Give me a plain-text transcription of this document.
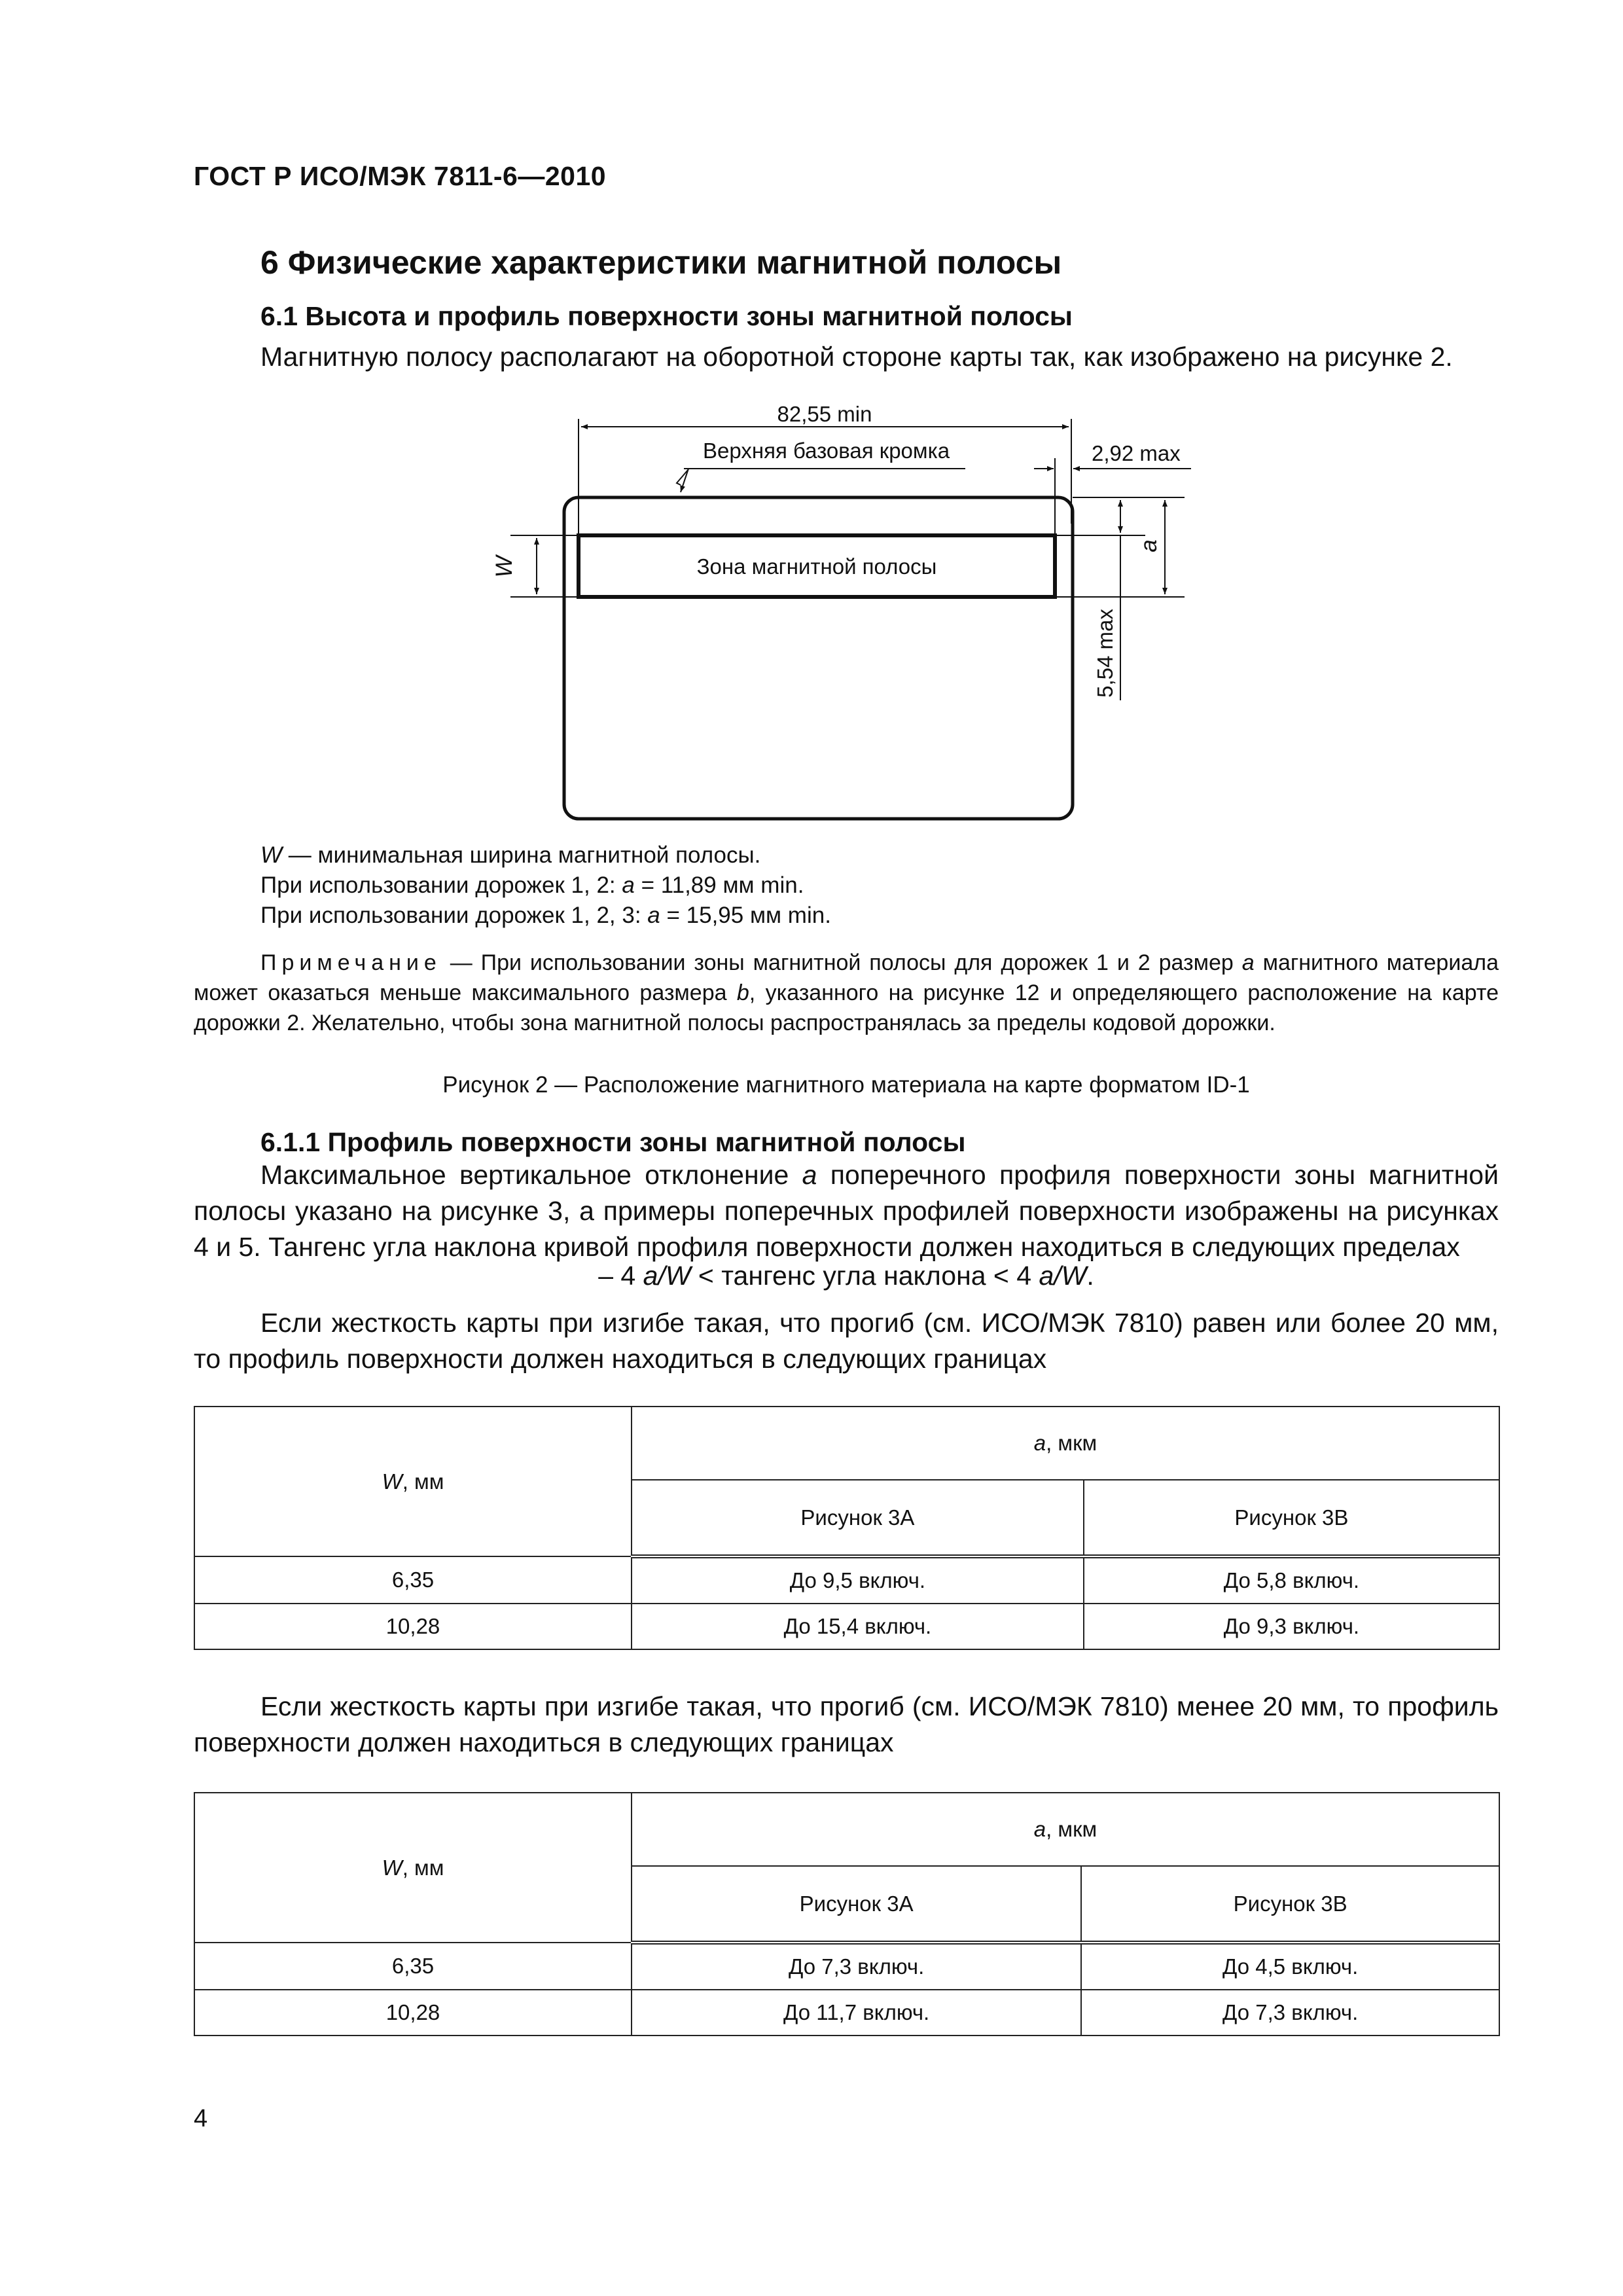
ГОСТ Р ИСО/МЭК 7811-6—2010
6 Физические характеристики магнитной полосы
6.1 Высота и профиль поверхности зоны магнитной полосы
Магнитную полосу располагают на оборотной стороне карты так, как изображено на рисунке 2.
82,55 min
Верхняя базовая кромка	2,92 max
Зона магнитной полосы
W
a
5,54 max
W — минимальная ширина магнитной полосы.
При использовании дорожек 1, 2: a = 11,89 мм min.
При использовании дорожек 1, 2, 3: a = 15,95 мм min.
Примечание — При использовании зоны магнитной полосы для дорожек 1 и 2 размер a магнитного материала может оказаться меньше максимального размера b, указанного на рисунке 12 и определяющего расположение на карте дорожки 2. Желательно, чтобы зона магнитной полосы распространялась за пределы кодовой дорожки.
Рисунок 2 — Расположение магнитного материала на карте форматом ID-1
6.1.1 Профиль поверхности зоны магнитной полосы
Максимальное вертикальное отклонение a поперечного профиля поверхности зоны магнитной полосы указано на рисунке 3, а примеры поперечных профилей поверхности изображены на рисунках 4 и 5. Тангенс угла наклона кривой профиля поверхности должен находиться в следующих пределах
– 4 a/W < тангенс угла наклона < 4 a/W.
Если жесткость карты при изгибе такая, что прогиб (см. ИСО/МЭК 7810) равен или более 20 мм, то профиль поверхности должен находиться в следующих границах
W, мм	a, мкм	
	Рисунок 3А	Рисунок 3В
6,35	До 9,5 включ.	До 5,8 включ.
10,28	До 15,4 включ.	До 9,3 включ.
Если жесткость карты при изгибе такая, что прогиб (см. ИСО/МЭК 7810) менее 20 мм, то профиль поверхности должен находиться в следующих границах
W, мм	a, мкм	
	Рисунок 3А	Рисунок 3В
6,35	До 7,3 включ.	До 4,5 включ.
10,28	До 11,7 включ.	До 7,3 включ.
4
